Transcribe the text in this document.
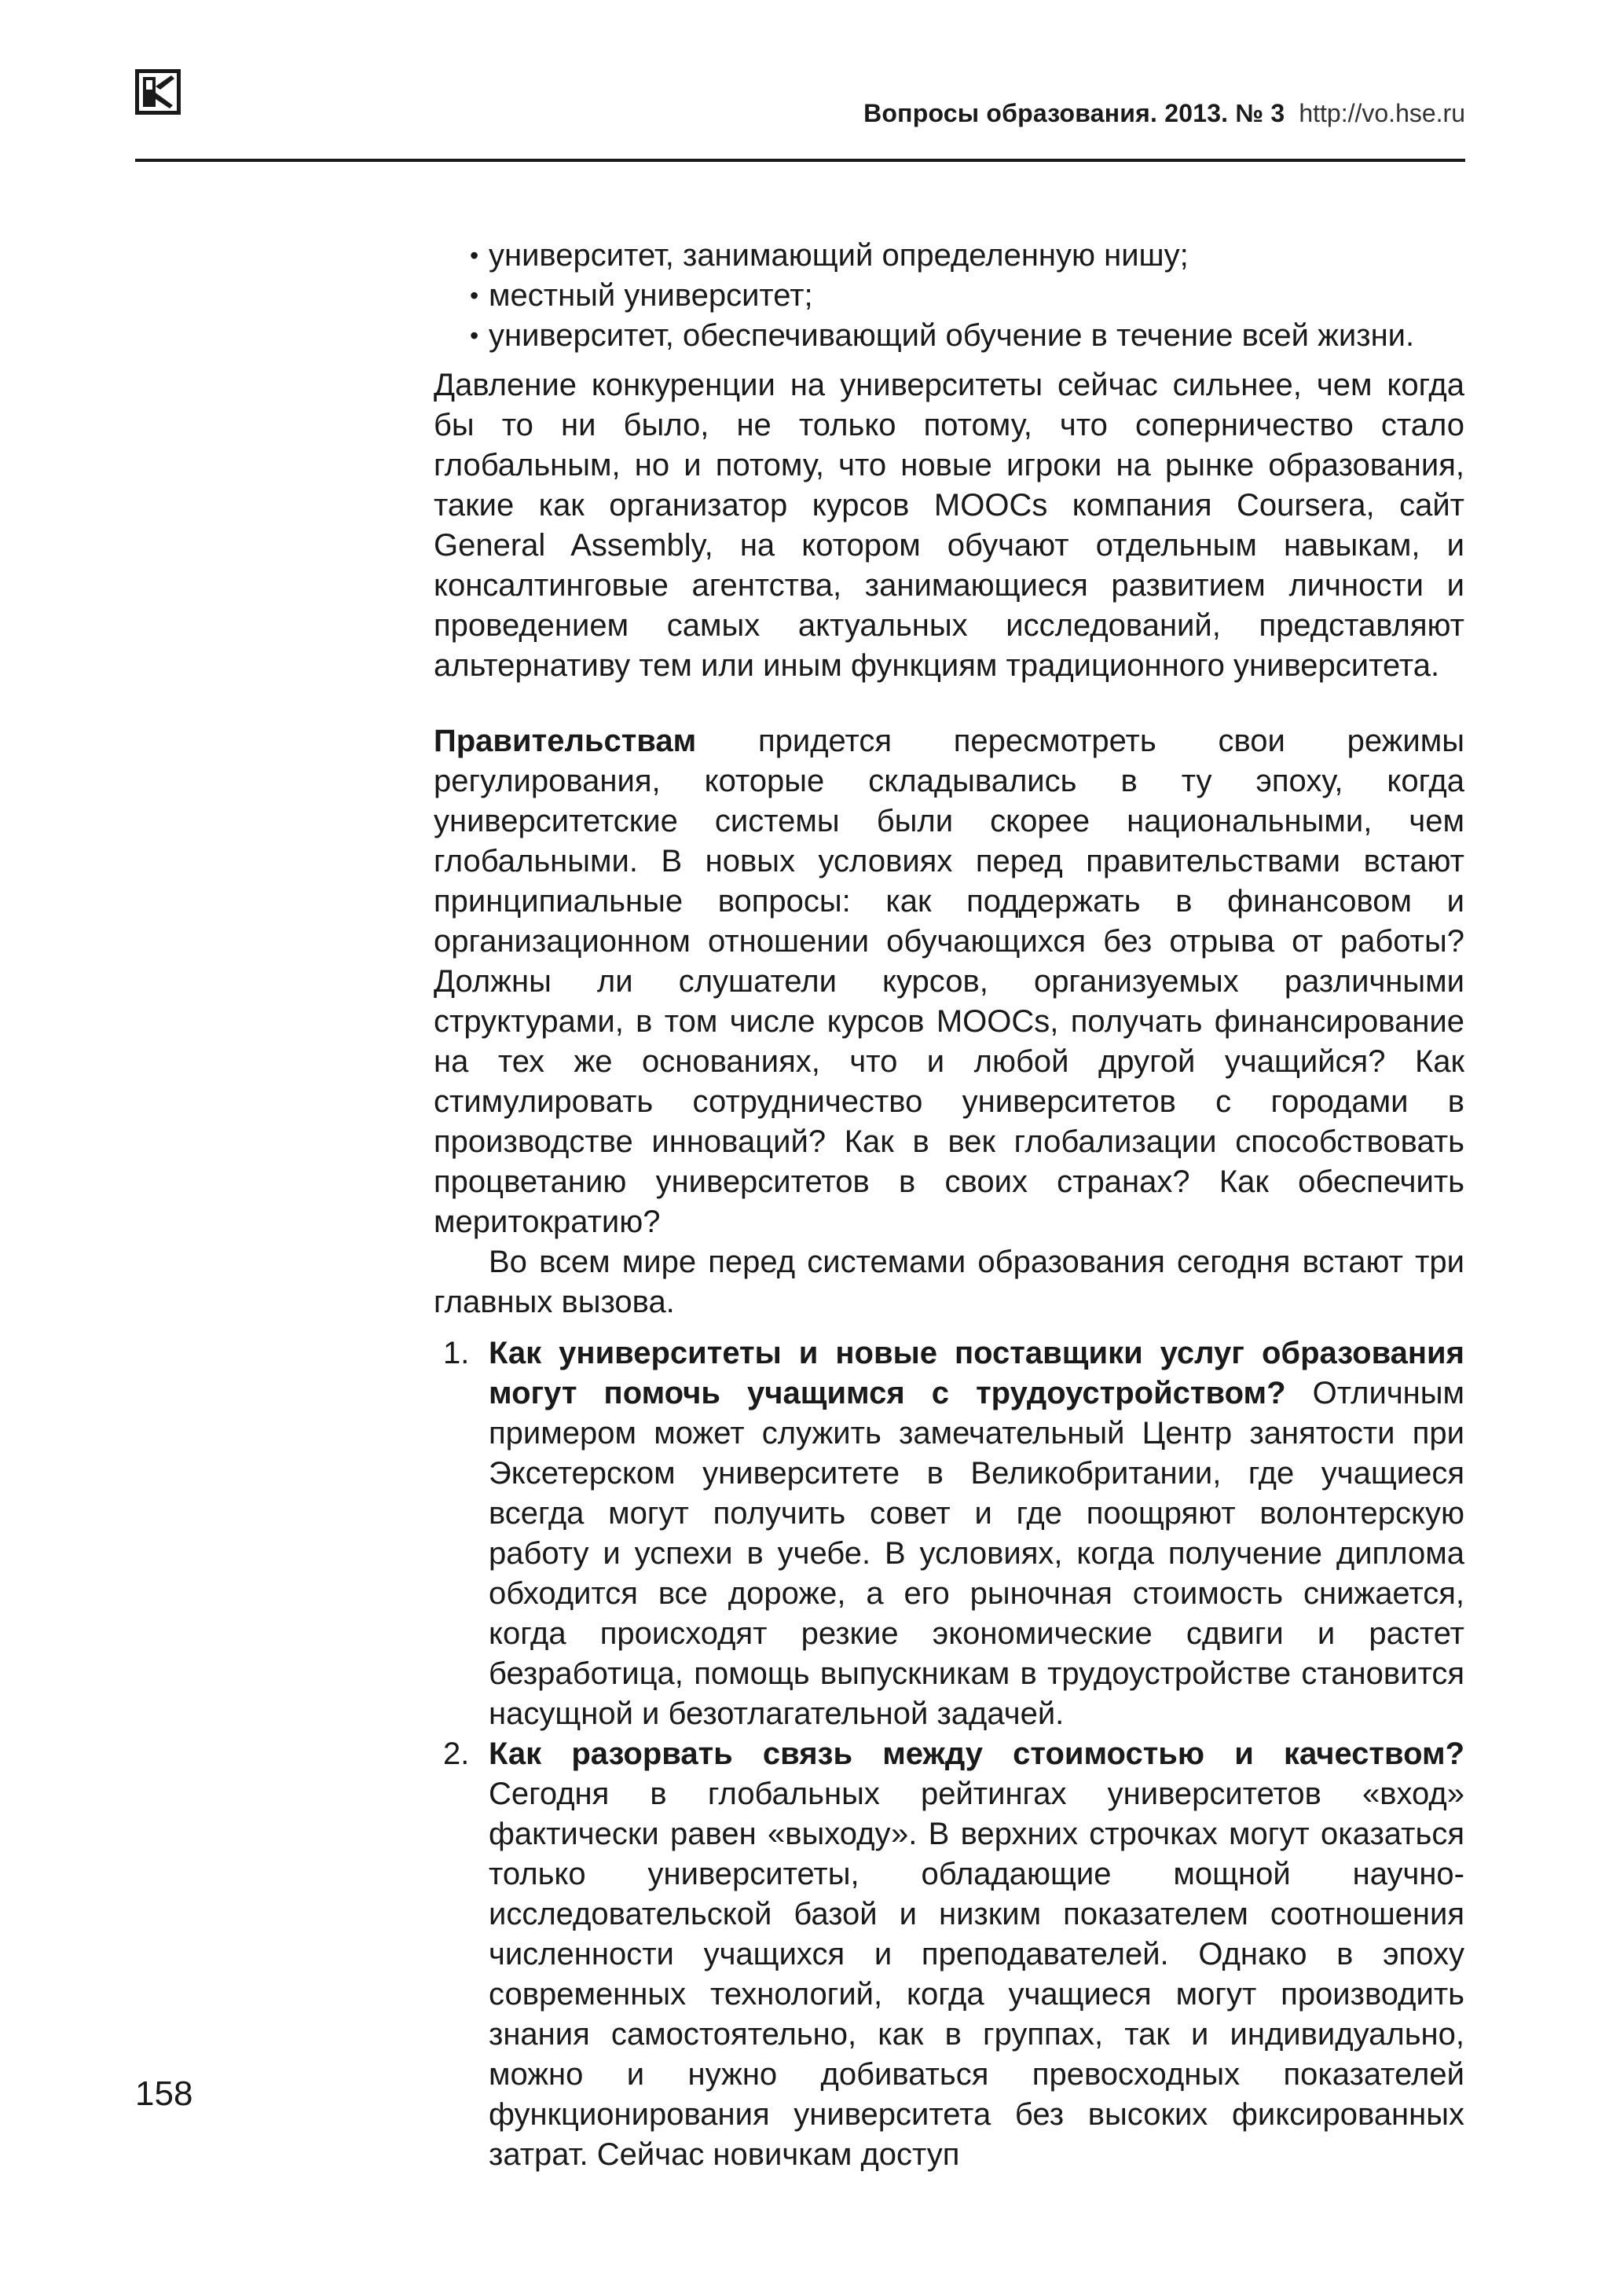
Вопросы образования. 2013. № 3 http://vo.hse.ru
• университет, занимающий определенную нишу;
• местный университет;
• университет, обеспечивающий обучение в течение всей жизни.

Давление конкуренции на университеты сейчас сильнее, чем когда бы то ни было, не только потому, что соперничество стало глобальным, но и потому, что новые игроки на рынке образования, такие как организатор курсов MOOCs компания Coursera, сайт General Assembly, на котором обучают отдельным навыкам, и консалтинговые агентства, занимающиеся развитием личности и проведением самых актуальных исследований, представляют альтернативу тем или иным функциям традиционного университета.

Правительствам придется пересмотреть свои режимы регулирования, которые складывались в ту эпоху, когда университетские системы были скорее национальными, чем глобальными. В новых условиях перед правительствами встают принципиальные вопросы: как поддержать в финансовом и организационном отношении обучающихся без отрыва от работы? Должны ли слушатели курсов, организуемых различными структурами, в том числе курсов MOOCs, получать финансирование на тех же основаниях, что и любой другой учащийся? Как стимулировать сотрудничество университетов с городами в производстве инноваций? Как в век глобализации способствовать процветанию университетов в своих странах? Как обеспечить меритократию?

Во всем мире перед системами образования сегодня встают три главных вызова.

1. Как университеты и новые поставщики услуг образования могут помочь учащимся с трудоустройством? Отличным примером может служить замечательный Центр занятости при Эксетерском университете в Великобритании, где учащиеся всегда могут получить совет и где поощряют волонтерскую работу и успехи в учебе. В условиях, когда получение диплома обходится все дороже, а его рыночная стоимость снижается, когда происходят резкие экономические сдвиги и растет безработица, помощь выпускникам в трудоустройстве становится насущной и безотлагательной задачей.
2. Как разорвать связь между стоимостью и качеством? Сегодня в глобальных рейтингах университетов «вход» фактически равен «выходу». В верхних строчках могут оказаться только университеты, обладающие мощной научно-исследовательской базой и низким показателем соотношения численности учащихся и преподавателей. Однако в эпоху современных технологий, когда учащиеся могут производить знания самостоятельно, как в группах, так и индивидуально, можно и нужно добиваться превосходных показателей функционирования университета без высоких фиксированных затрат. Сейчас новичкам доступ
158
